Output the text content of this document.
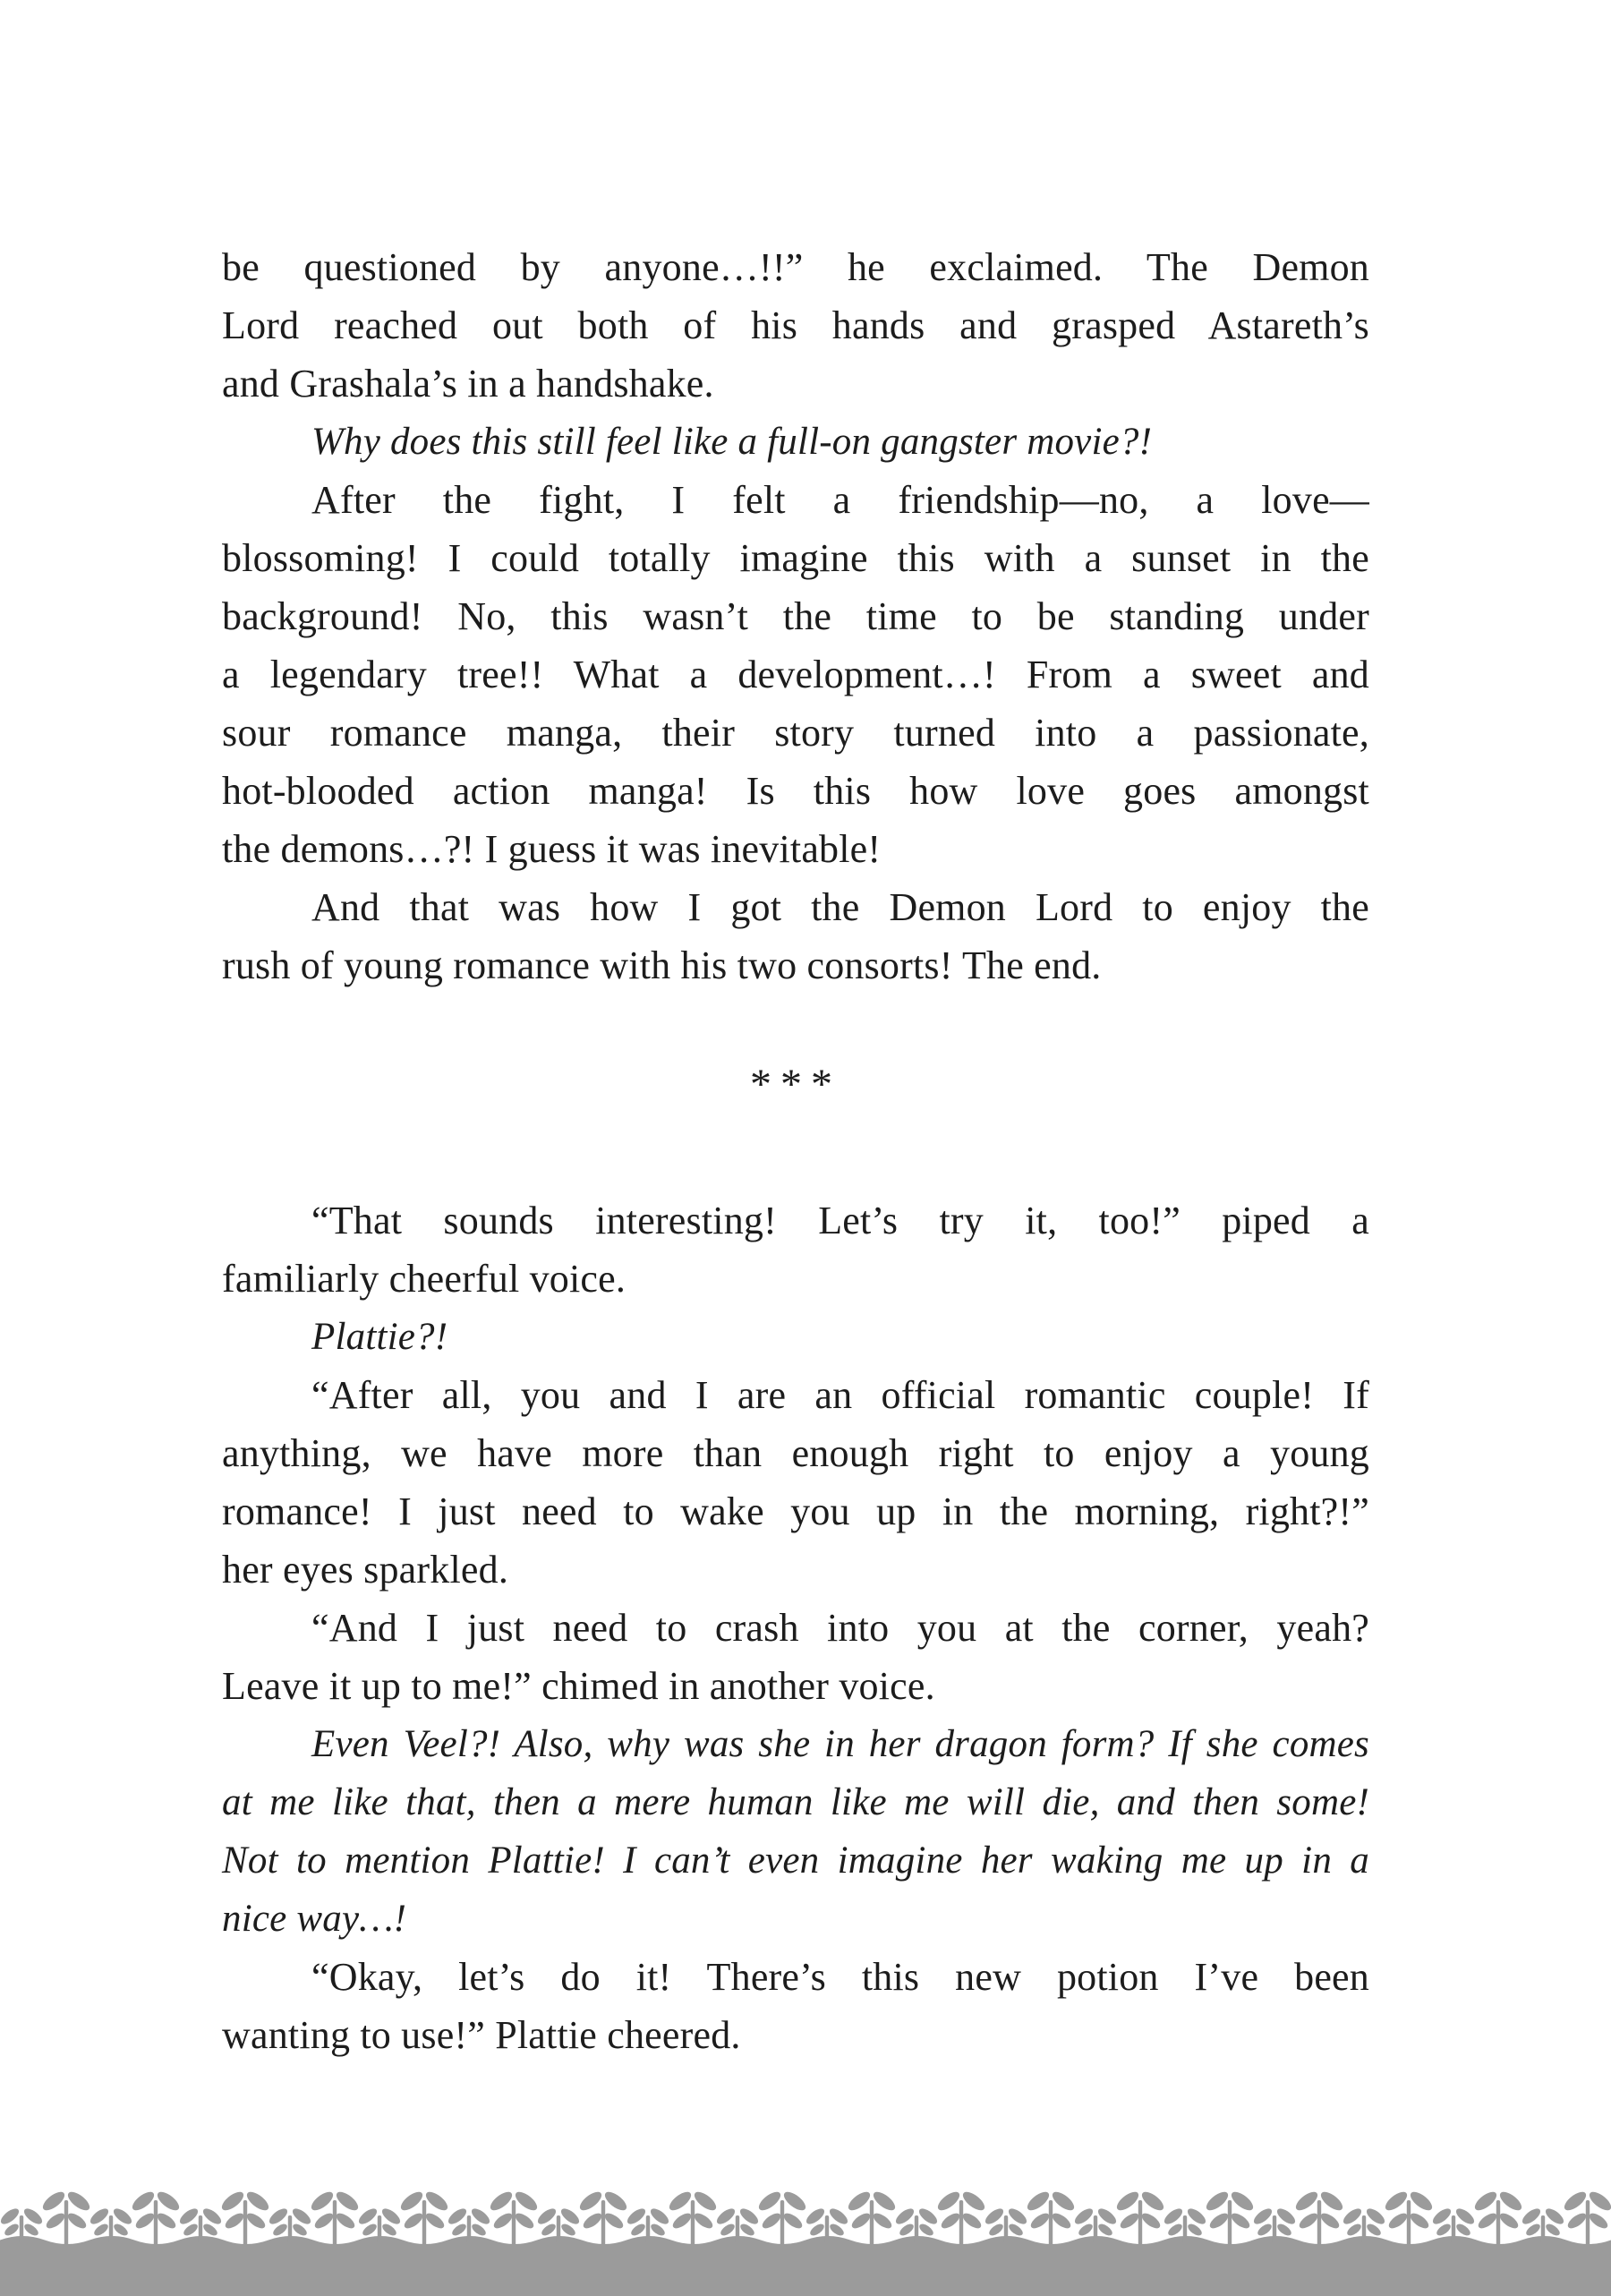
be questioned by anyone…!!” he exclaimed. The Demon
Lord reached out both of his hands and grasped Astareth’s
and Grashala’s in a handshake.
Why does this still feel like a full-on gangster movie?!
After the fight, I felt a friendship—no, a love—
blossoming! I could totally imagine this with a sunset in the
background! No, this wasn’t the time to be standing under
a legendary tree!! What a development…! From a sweet and
sour romance manga, their story turned into a passionate,
hot-blooded action manga! Is this how love goes amongst
the demons…?! I guess it was inevitable!
And that was how I got the Demon Lord to enjoy the
rush of young romance with his two consorts! The end.
***
“That sounds interesting! Let’s try it, too!” piped a
familiarly cheerful voice.
Plattie?!
“After all, you and I are an official romantic couple! If
anything, we have more than enough right to enjoy a young
romance! I just need to wake you up in the morning, right?!”
her eyes sparkled.
“And I just need to crash into you at the corner, yeah?
Leave it up to me!” chimed in another voice.
Even Veel?! Also, why was she in her dragon form? If she comes
at me like that, then a mere human like me will die, and then some!
Not to mention Plattie! I can’t even imagine her waking me up in a
nice way…!
“Okay, let’s do it! There’s this new potion I’ve been
wanting to use!” Plattie cheered.
